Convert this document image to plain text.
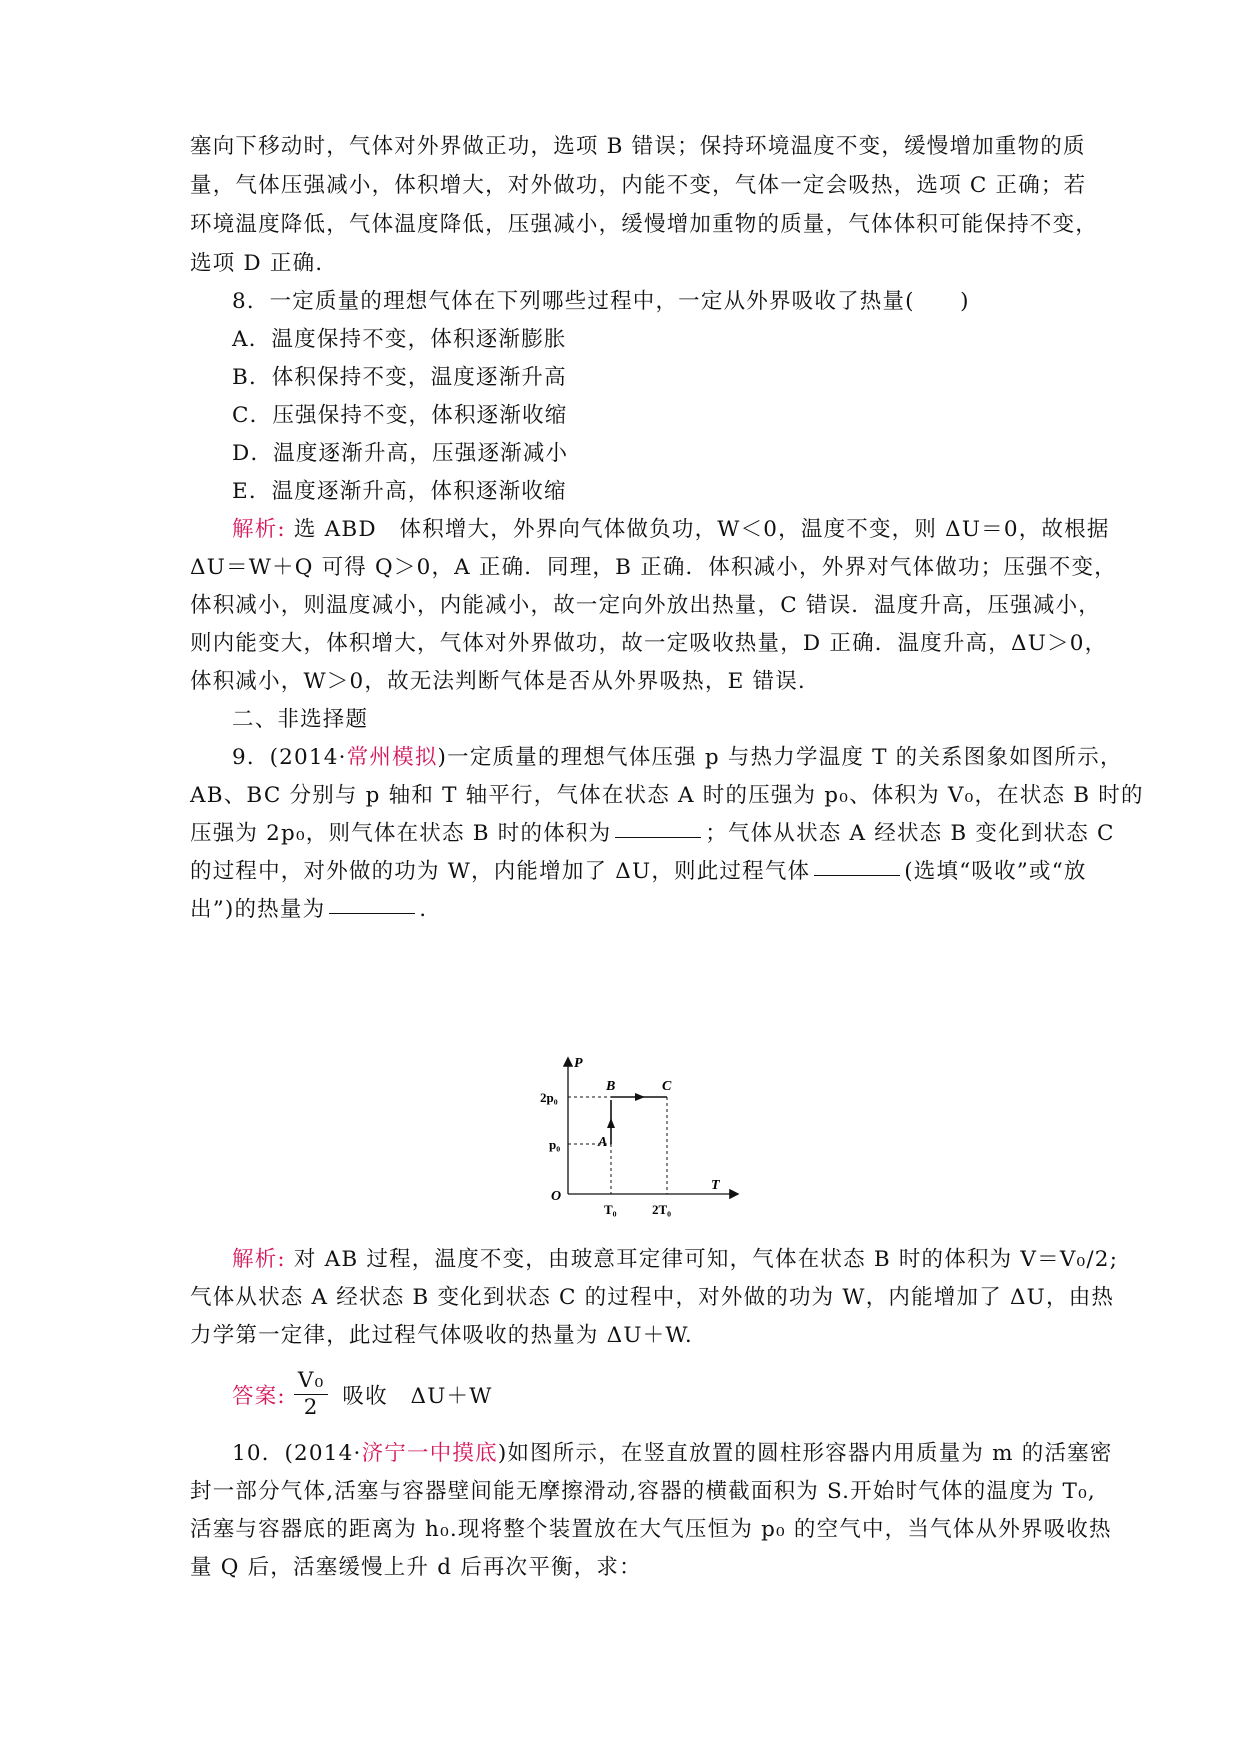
塞向下移动时，气体对外界做正功，选项 B 错误；保持环境温度不变，缓慢增加重物的质
量，气体压强减小，体积增大，对外做功，内能不变，气体一定会吸热，选项 C 正确；若
环境温度降低，气体温度降低，压强减小，缓慢增加重物的质量，气体体积可能保持不变，
选项 D 正确.
8．一定质量的理想气体在下列哪些过程中，一定从外界吸收了热量(　　)
A．温度保持不变，体积逐渐膨胀
B．体积保持不变，温度逐渐升高
C．压强保持不变，体积逐渐收缩
D．温度逐渐升高，压强逐渐减小
E．温度逐渐升高，体积逐渐收缩
解析: 选 ABD　体积增大，外界向气体做负功，W＜0，温度不变，则 ΔU＝0，故根据
ΔU＝W＋Q 可得 Q＞0，A 正确．同理，B 正确．体积减小，外界对气体做功；压强不变，
体积减小，则温度减小，内能减小，故一定向外放出热量，C 错误．温度升高，压强减小，
则内能变大，体积增大，气体对外界做功，故一定吸收热量，D 正确．温度升高，ΔU＞0，
体积减小，W＞0，故无法判断气体是否从外界吸热，E 错误.
二、非选择题
9．(2014·常州模拟)一定质量的理想气体压强 p 与热力学温度 T 的关系图象如图所示，
AB、BC 分别与 p 轴和 T 轴平行，气体在状态 A 时的压强为 p₀、体积为 V₀，在状态 B 时的
压强为 2p₀，则气体在状态 B 时的体积为	；气体从状态 A 经状态 B 变化到状态 C
的过程中，对外做的功为 W，内能增加了 ΔU，则此过程气体	(选填“吸收”或“放
出”)的热量为	.
P
T
O
2p₀
p₀
T₀	2T₀
A
B	C
解析: 对 AB 过程，温度不变，由玻意耳定律可知，气体在状态 B 时的体积为 V＝V₀/2;
气体从状态 A 经状态 B 变化到状态 C 的过程中，对外做的功为 W，内能增加了 ΔU，由热
力学第一定律，此过程气体吸收的热量为 ΔU＋W.
答案: $\frac{\text{V₀}}{2}$ 吸收　ΔU＋W
10．(2014·济宁一中摸底)如图所示，在竖直放置的圆柱形容器内用质量为 m 的活塞密
封一部分气体,活塞与容器壁间能无摩擦滑动,容器的横截面积为 S.开始时气体的温度为 T₀,
活塞与容器底的距离为 h₀.现将整个装置放在大气压恒为 p₀ 的空气中，当气体从外界吸收热
量 Q 后，活塞缓慢上升 d 后再次平衡，求：
